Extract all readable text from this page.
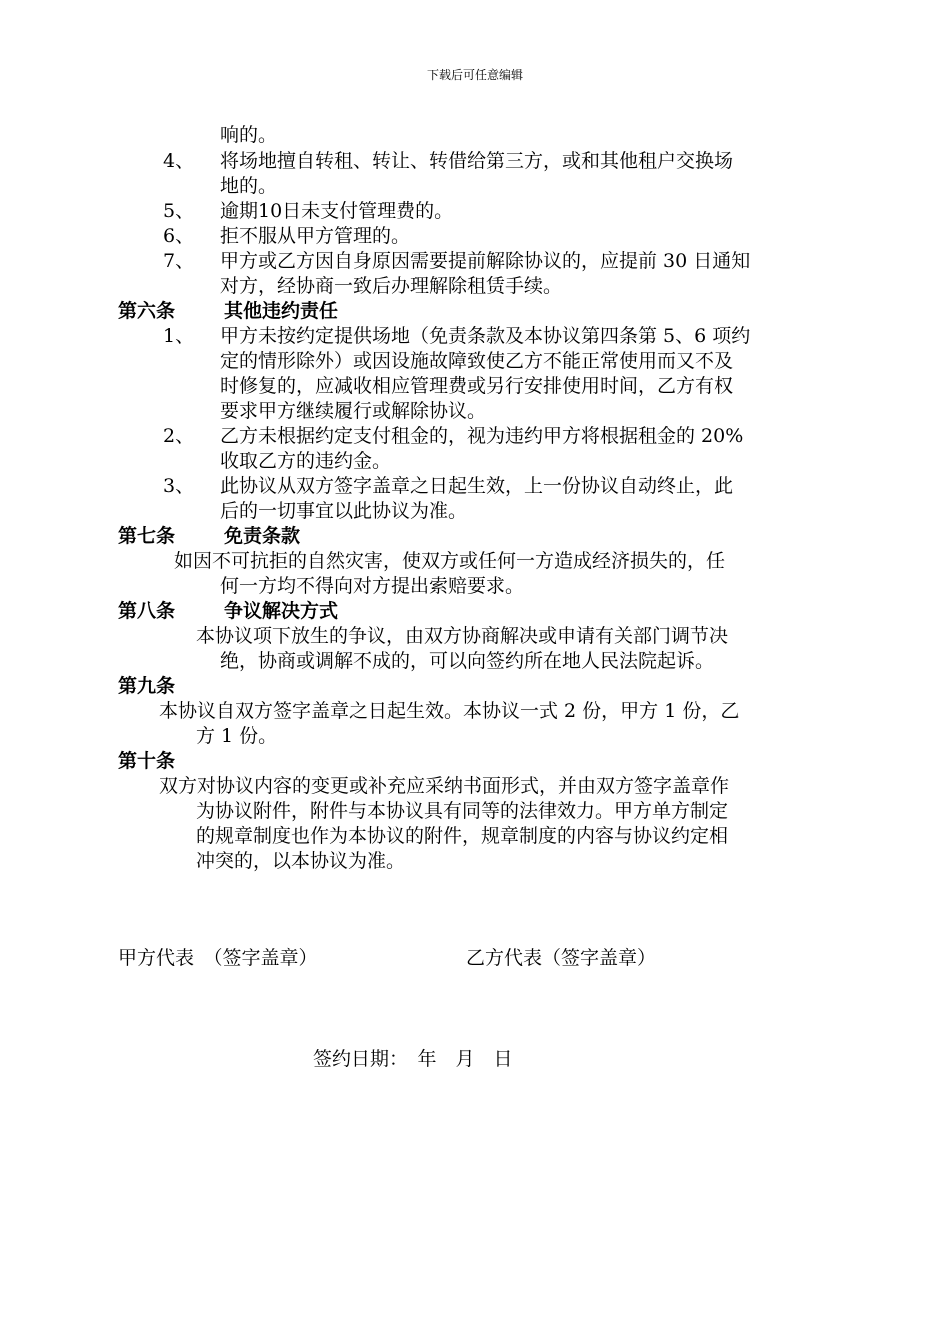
下载后可任意编辑
响的。
4、 将场地擅自转租、转让、转借给第三方，或和其他租户交换场
地的。
5、 逾期10日未支付管理费的。
6、 拒不服从甲方管理的。
7、 甲方或乙方因自身原因需要提前解除协议的，应提前 30 日通知
对方，经协商一致后办理解除租赁手续。
第六条	其他违约责任
1、 甲方未按约定提供场地（免责条款及本协议第四条第 5、6 项约
定的情形除外）或因设施故障致使乙方不能正常使用而又不及
时修复的，应减收相应管理费或另行安排使用时间，乙方有权
要求甲方继续履行或解除协议。
2、 乙方未根据约定支付租金的，视为违约甲方将根据租金的 20%
收取乙方的违约金。
3、 此协议从双方签字盖章之日起生效，上一份协议自动终止，此
后的一切事宜以此协议为准。
第七条	免责条款
如因不可抗拒的自然灾害，使双方或任何一方造成经济损失的，任
何一方均不得向对方提出索赔要求。
第八条	争议解决方式
本协议项下放生的争议，由双方协商解决或申请有关部门调节决
绝，协商或调解不成的，可以向签约所在地人民法院起诉。
第九条
本协议自双方签字盖章之日起生效。本协议一式 2 份，甲方 1 份，乙
方 1 份。
第十条
双方对协议内容的变更或补充应采纳书面形式，并由双方签字盖章作
为协议附件，附件与本协议具有同等的法律效力。甲方单方制定
的规章制度也作为本协议的附件，规章制度的内容与协议约定相
冲突的，以本协议为准。
甲方代表　（签字盖章）	乙方代表（签字盖章）
签约日期：　年　月　日
